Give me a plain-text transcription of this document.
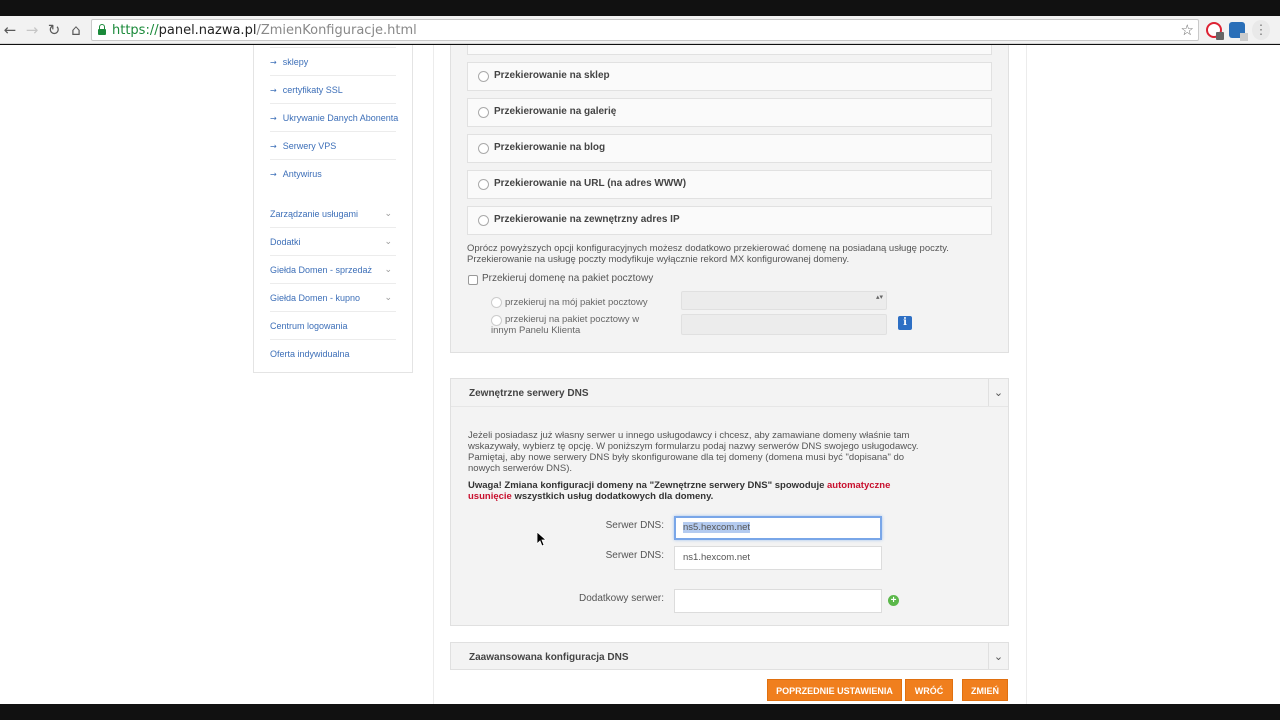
← → ↻ ⌂	https://panel.nazwa.pl/ZmienKonfiguracje.html	☆	⋮
→ sklepy
→ certyfikaty SSL
→ Ukrywanie Danych Abonenta
→ Serwery VPS
→ Antywirus
Zarządzanie usługami	⌄
Dodatki	⌄
Giełda Domen - sprzedaż ⌄
Giełda Domen - kupno	⌄
Centrum logowania
Oferta indywidualna
Przekierowanie na sklep
Przekierowanie na galerię
Przekierowanie na blog
Przekierowanie na URL (na adres WWW)
Przekierowanie na zewnętrzny adres IP
Oprócz powyższych opcji konfiguracyjnych możesz dodatkowo przekierować domenę na posiadaną usługę poczty.
Przekierowanie na usługę poczty modyfikuje wyłącznie rekord MX konfigurowanej domeny.
Przekieruj domenę na pakiet pocztowy
przekieruj na mój pakiet pocztowy	▴▾
przekieruj na pakiet pocztowy w
innym Panelu Klienta
i
Zewnętrzne serwery DNS	⌄
Jeżeli posiadasz już własny serwer u innego usługodawcy i chcesz, aby zamawiane domeny właśnie tam
wskazywały, wybierz tę opcję. W poniższym formularzu podaj nazwy serwerów DNS swojego usługodawcy.
Pamiętaj, aby nowe serwery DNS były skonfigurowane dla tej domeny (domena musi być "dopisana" do
nowych serwerów DNS).
Uwaga! Zmiana konfiguracji domeny na "Zewnętrzne serwery DNS" spowoduje automatyczne
usunięcie wszystkich usług dodatkowych dla domeny.
Serwer DNS:	ns5.hexcom.net
Serwer DNS:	ns1.hexcom.net
Dodatkowy serwer:	+
Zaawansowana konfiguracja DNS	⌄
POPRZEDNIE USTAWIENIA	WRÓĆ	ZMIEŃ
